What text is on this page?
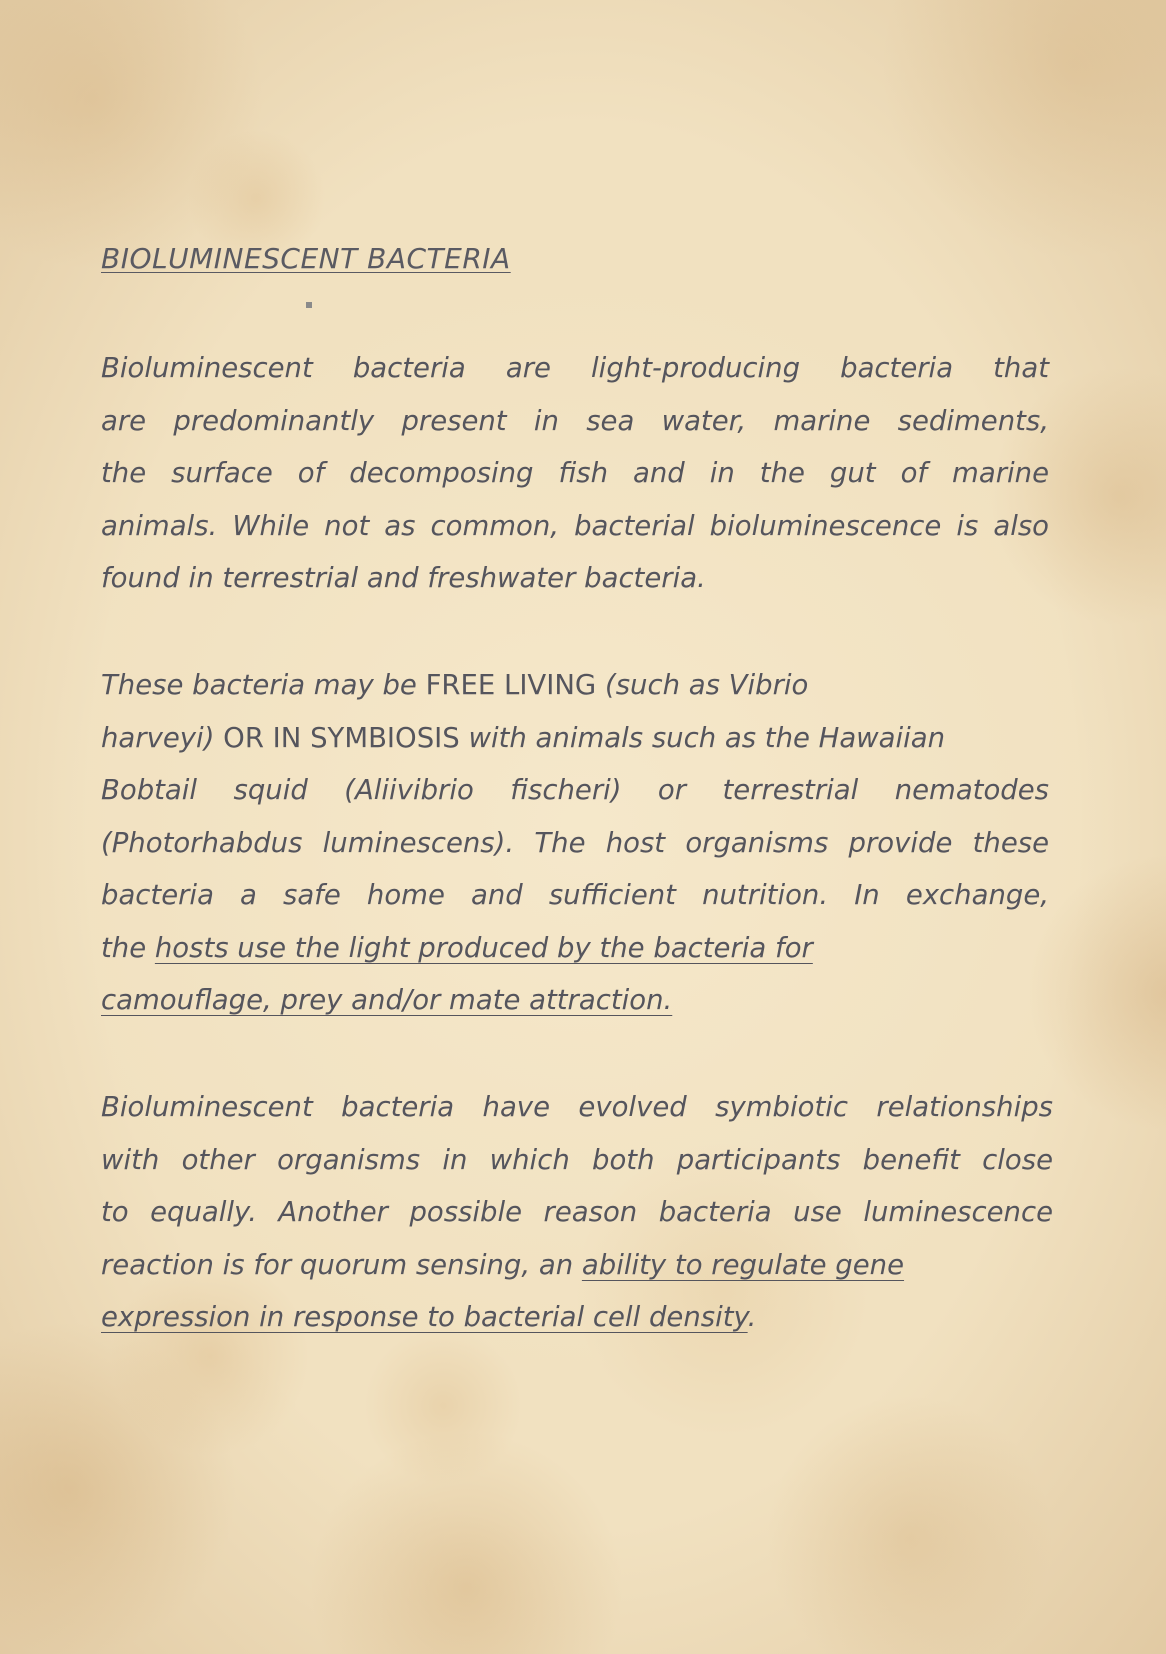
BIOLUMINESCENT BACTERIA
Bioluminescent bacteria are light-producing bacteria that
are predominantly present in sea water, marine sediments,
the surface of decomposing fish and in the gut of marine
animals. While not as common, bacterial bioluminescence is also
found in terrestrial and freshwater bacteria.
These bacteria may be FREE LIVING (such as Vibrio
harveyi) OR IN SYMBIOSIS with animals such as the Hawaiian
Bobtail squid (Aliivibrio fischeri) or terrestrial nematodes
(Photorhabdus luminescens). The host organisms provide these
bacteria a safe home and sufficient nutrition. In exchange,
the hosts use the light produced by the bacteria for
camouflage, prey and/or mate attraction.
Bioluminescent bacteria have evolved symbiotic relationships
with other organisms in which both participants benefit close
to equally. Another possible reason bacteria use luminescence
reaction is for quorum sensing, an ability to regulate gene
expression in response to bacterial cell density.
